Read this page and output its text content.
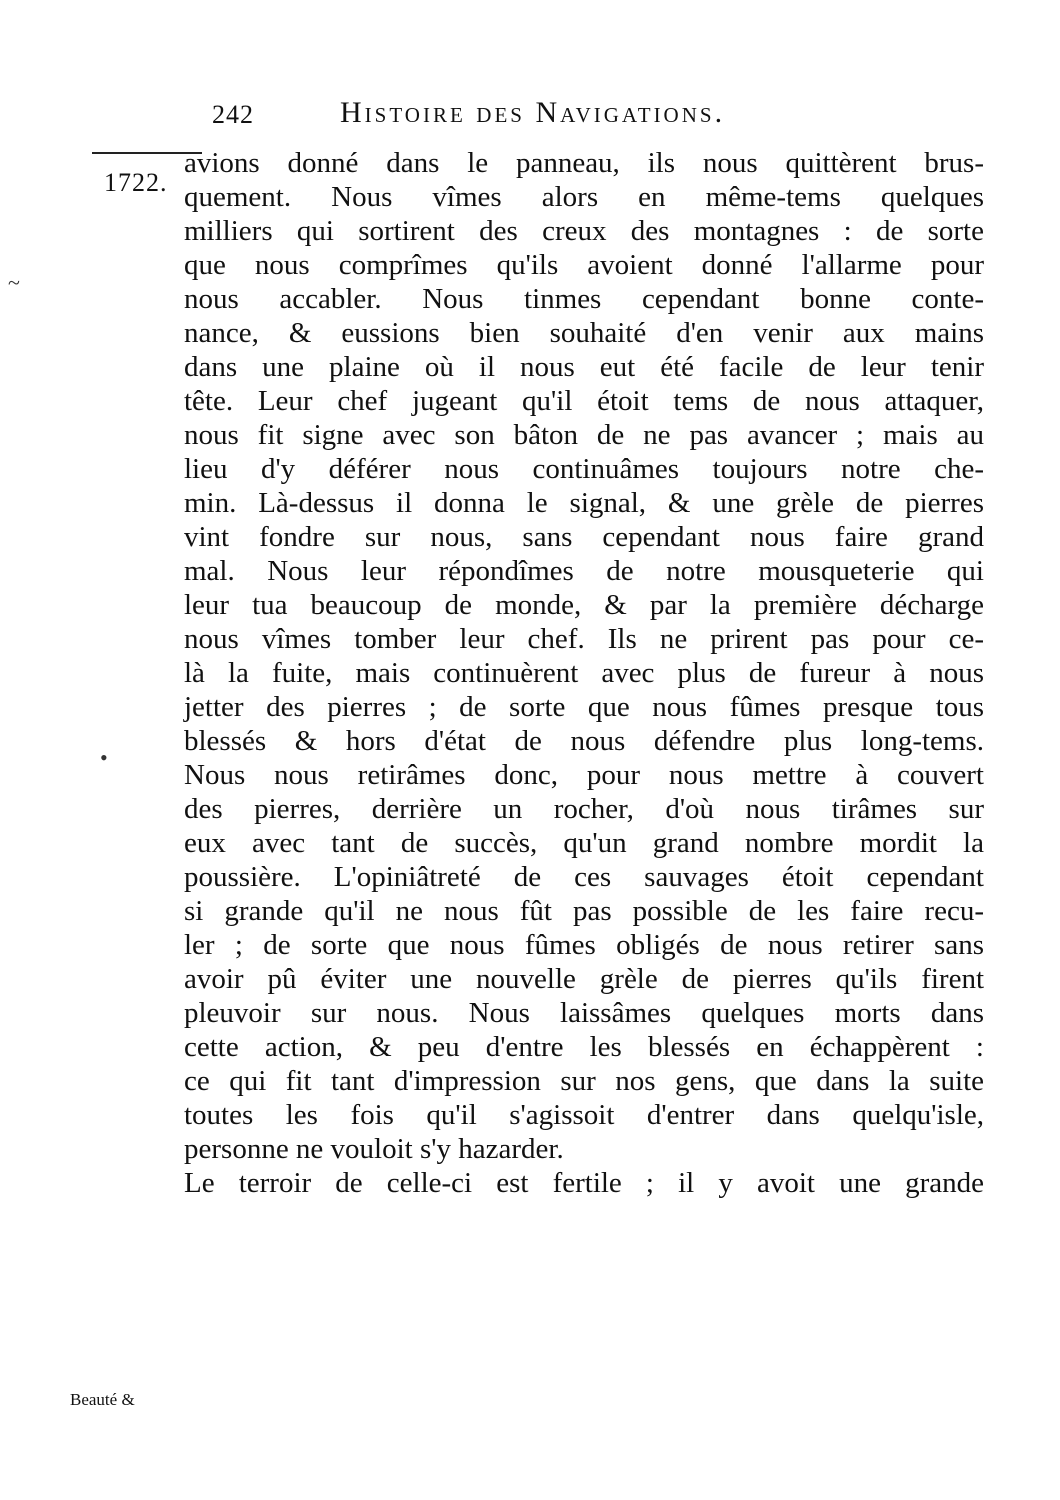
242	Histoire des Navigations.
1722.
avions donné dans le panneau, ils nous quittèrent brus-
quement. Nous vîmes alors en même-tems quelques
milliers qui sortirent des creux des montagnes : de sorte
que nous comprîmes qu'ils avoient donné l'allarme pour
nous accabler. Nous tinmes cependant bonne conte-
nance, & eussions bien souhaité d'en venir aux mains
dans une plaine où il nous eut été facile de leur tenir
tête. Leur chef jugeant qu'il étoit tems de nous attaquer,
nous fit signe avec son bâton de ne pas avancer ; mais au
lieu d'y déférer nous continuâmes toujours notre che-
min. Là-dessus il donna le signal, & une grèle de pierres
vint fondre sur nous, sans cependant nous faire grand
mal. Nous leur répondîmes de notre mousqueterie qui
leur tua beaucoup de monde, & par la première décharge
nous vîmes tomber leur chef. Ils ne prirent pas pour ce-
là la fuite, mais continuèrent avec plus de fureur à nous
jetter des pierres ; de sorte que nous fûmes presque tous
blessés & hors d'état de nous défendre plus long-tems.
Nous nous retirâmes donc, pour nous mettre à couvert
des pierres, derrière un rocher, d'où nous tirâmes sur
eux avec tant de succès, qu'un grand nombre mordit la
poussière. L'opiniâtreté de ces sauvages étoit cependant
si grande qu'il ne nous fût pas possible de les faire recu-
ler ; de sorte que nous fûmes obligés de nous retirer sans
avoir pû éviter une nouvelle grèle de pierres qu'ils firent
pleuvoir sur nous. Nous laissâmes quelques morts dans
cette action, & peu d'entre les blessés en échappèrent :
ce qui fit tant d'impression sur nos gens, que dans la suite
toutes les fois qu'il s'agissoit d'entrer dans quelqu'isle,
personne ne vouloit s'y hazarder.
Le terroir de celle-ci est fertile ; il y avoit une grande
Beauté &
~
•
